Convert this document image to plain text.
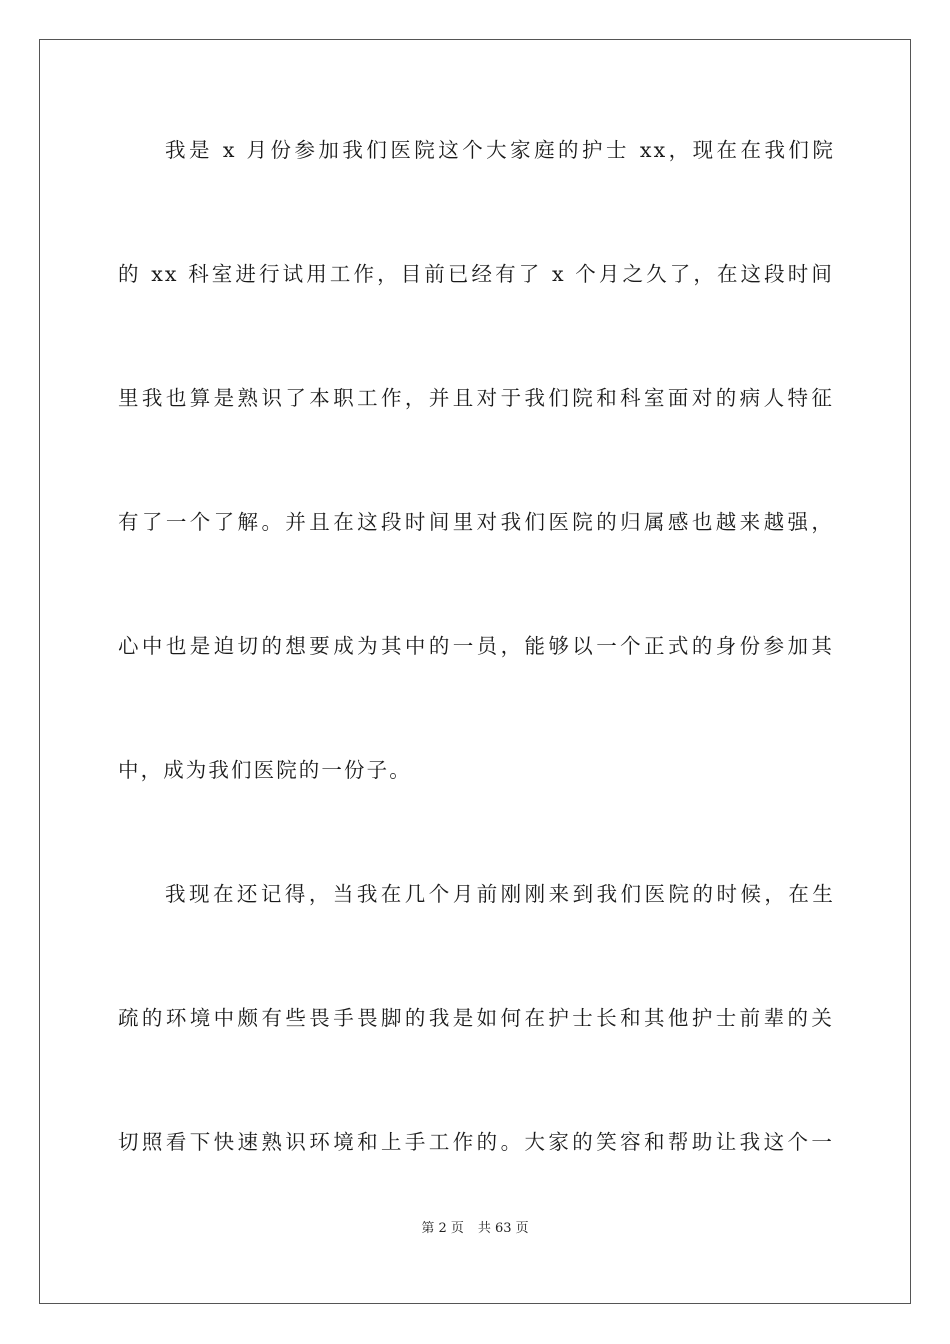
我是 x 月份参加我们医院这个大家庭的护士 xx，现在在我们院
的 xx 科室进行试用工作，目前已经有了 x 个月之久了，在这段时间
里我也算是熟识了本职工作，并且对于我们院和科室面对的病人特征
有了一个了解。并且在这段时间里对我们医院的归属感也越来越强，
心中也是迫切的想要成为其中的一员，能够以一个正式的身份参加其
中，成为我们医院的一份子。
我现在还记得，当我在几个月前刚刚来到我们医院的时候，在生
疏的环境中颇有些畏手畏脚的我是如何在护士长和其他护士前辈的关
切照看下快速熟识环境和上手工作的。大家的笑容和帮助让我这个一
第 2 页 共 63 页
